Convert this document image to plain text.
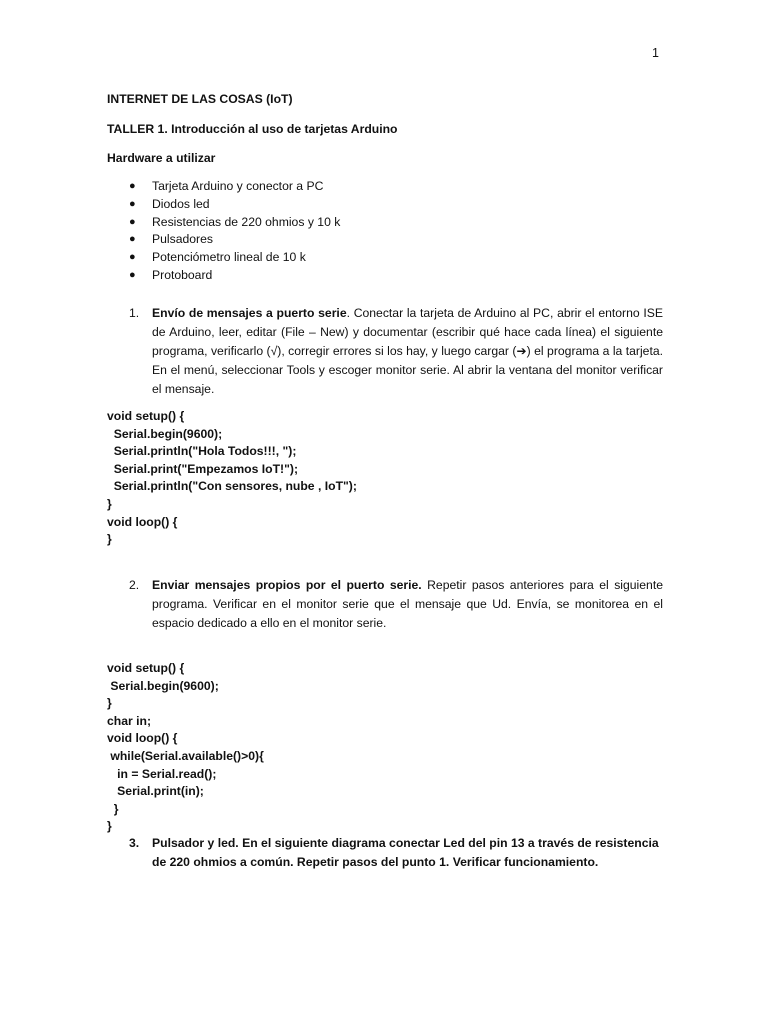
1
INTERNET DE LAS COSAS (IoT)
TALLER 1. Introducción al uso de tarjetas Arduino
Hardware a utilizar
● Tarjeta Arduino y conector a PC
● Diodos led
● Resistencias de 220 ohmios y 10 k
● Pulsadores
● Potenciómetro lineal de 10 k
● Protoboard
1. Envío de mensajes a puerto serie. Conectar la tarjeta de Arduino al PC, abrir el entorno ISE de Arduino, leer, editar (File – New) y documentar (escribir qué hace cada línea) el siguiente programa, verificarlo (√), corregir errores si los hay, y luego cargar (➔) el programa a la tarjeta. En el menú, seleccionar Tools y escoger monitor serie. Al abrir la ventana del monitor verificar el mensaje.
void setup() {
Serial.begin(9600);
Serial.println("Hola Todos!!!, ");
Serial.print("Empezamos IoT!");
Serial.println("Con sensores, nube , IoT");
}
void loop() {
}
2. Enviar mensajes propios por el puerto serie. Repetir pasos anteriores para el siguiente programa. Verificar en el monitor serie que el mensaje que Ud. Envía, se monitorea en el espacio dedicado a ello en el monitor serie.
void setup() {
Serial.begin(9600);
}
char in;
void loop() {
while(Serial.available()>0){
in = Serial.read();
Serial.print(in);
}
}
3. Pulsador y led. En el siguiente diagrama conectar Led del pin 13 a través de resistencia de 220 ohmios a común. Repetir pasos del punto 1. Verificar funcionamiento.
